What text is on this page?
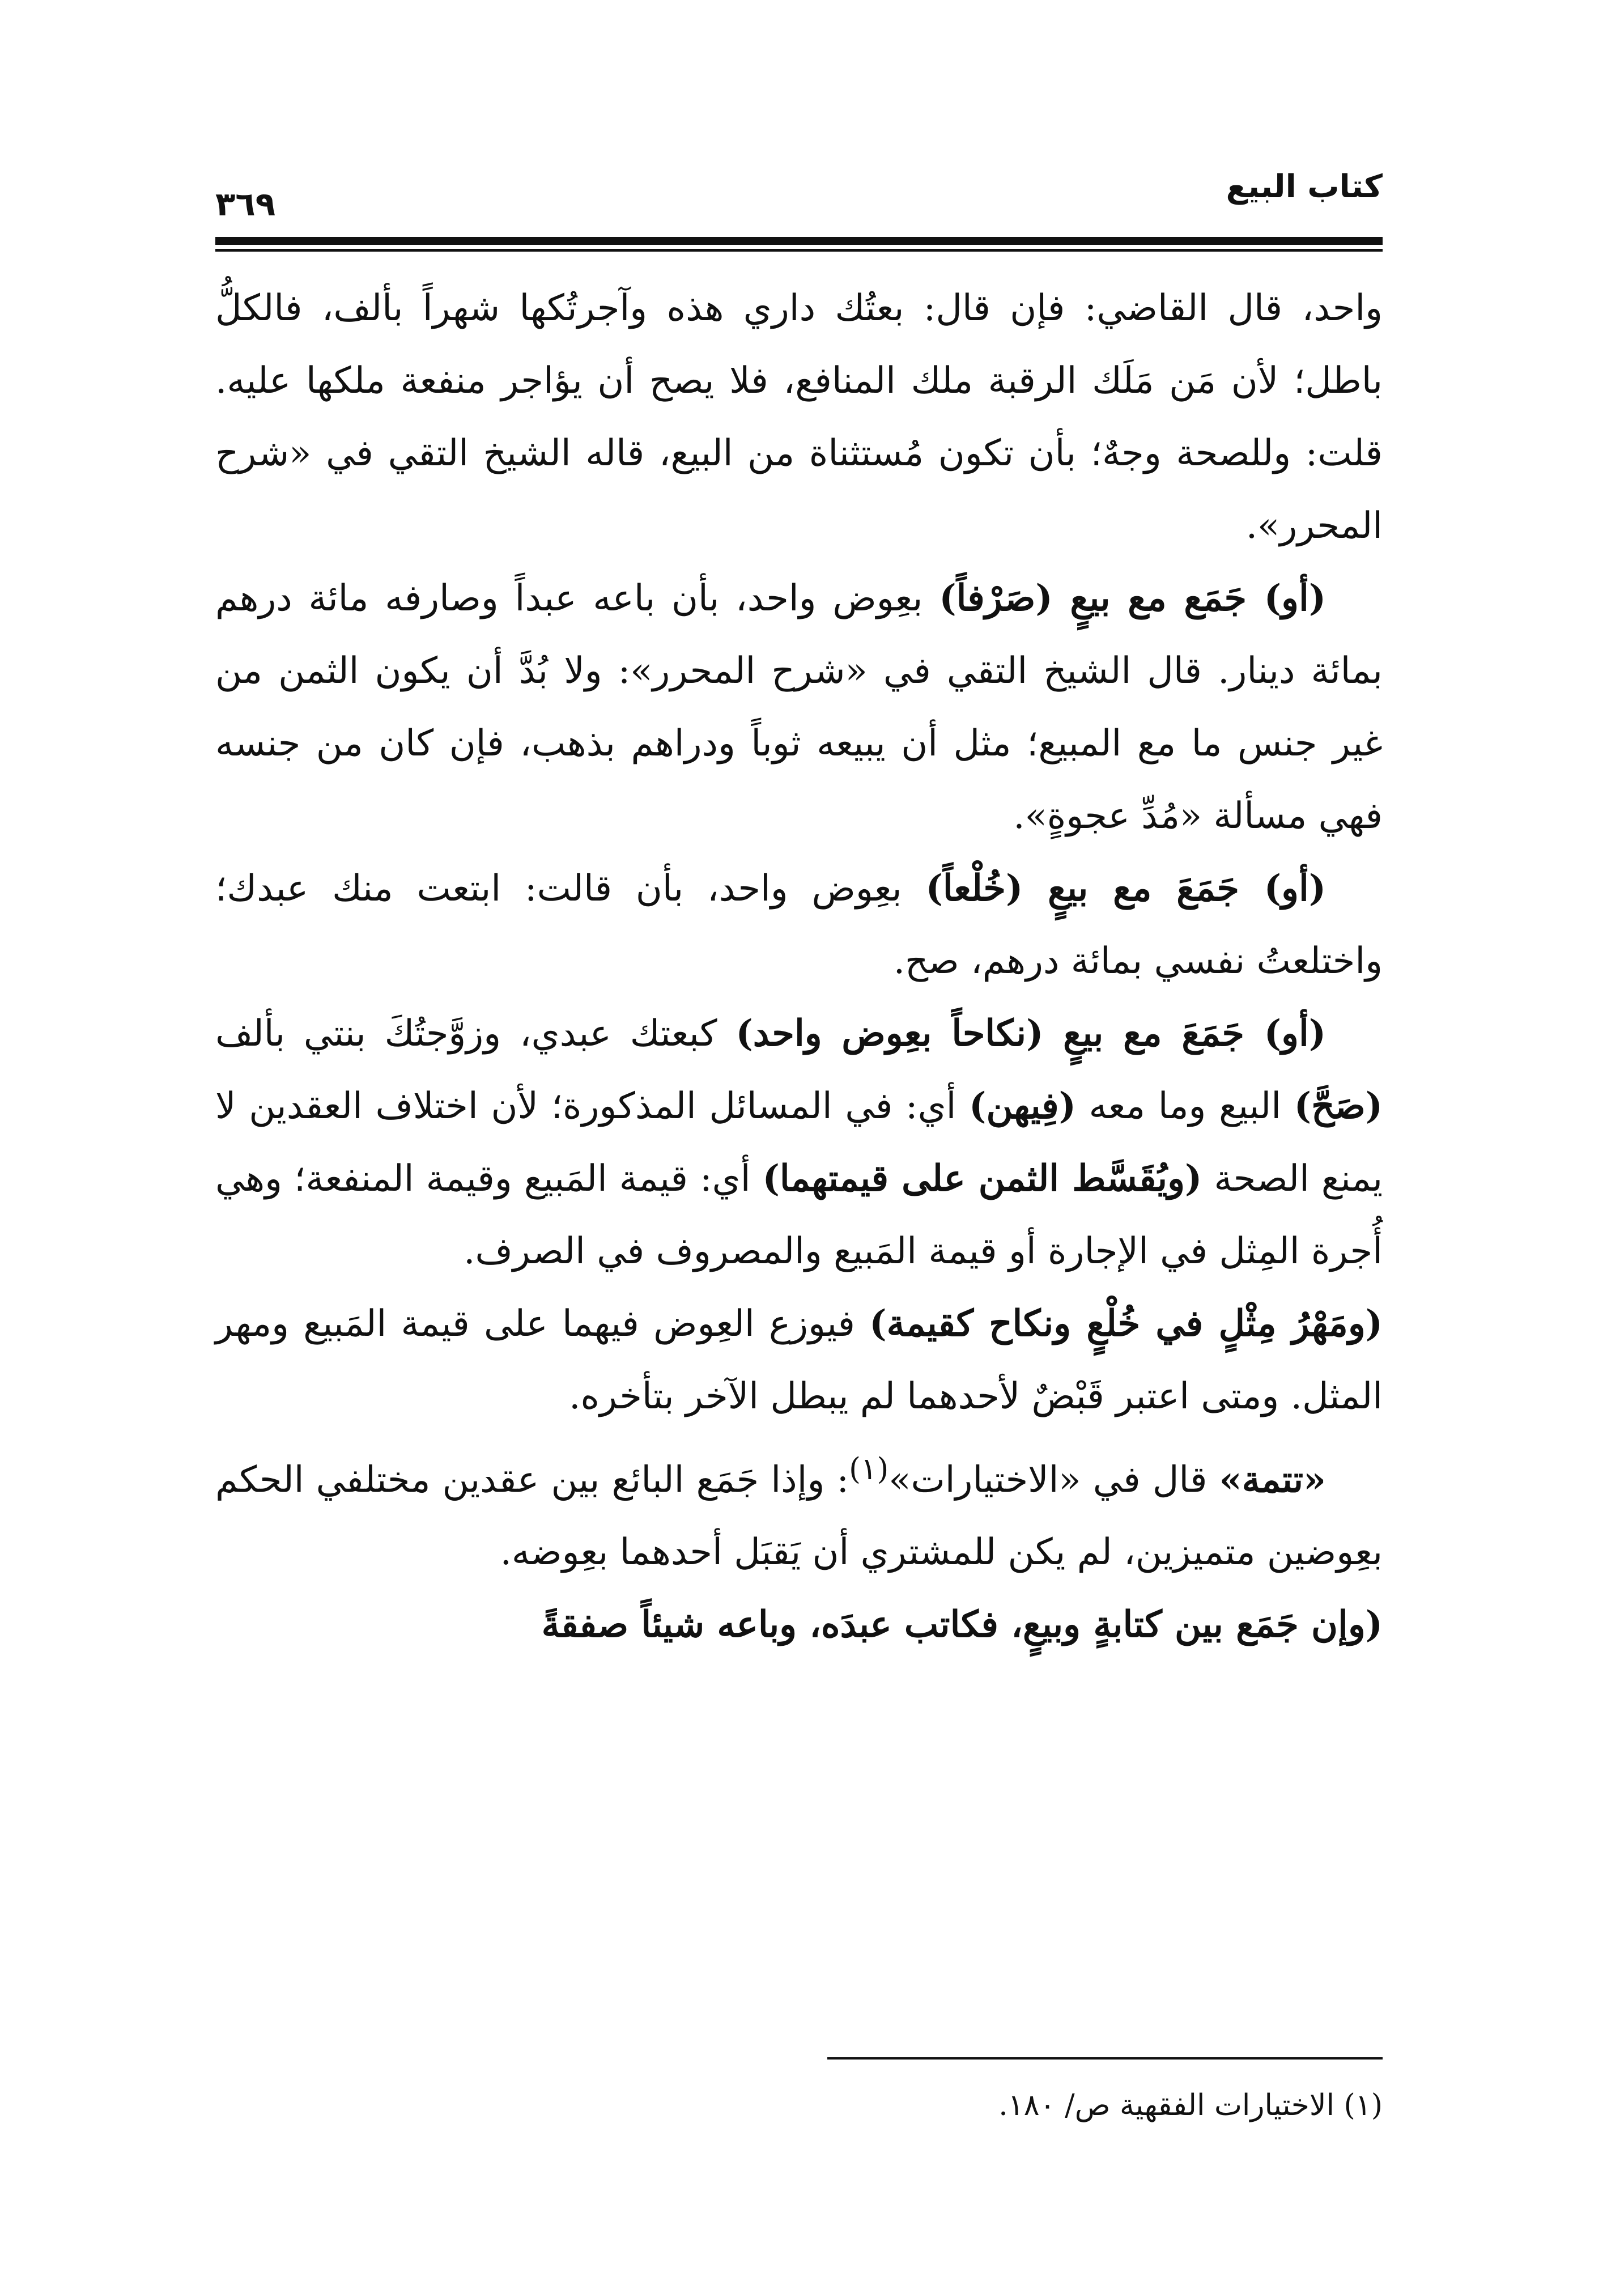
كتاب البيع
٣٦٩

واحد، قال القاضي: فإن قال: بعتُك داري هذه وآجرتُكها شهراً بألف، فالكلُّ باطل؛ لأن مَن مَلَك الرقبة ملك المنافع، فلا يصح أن يؤاجر منفعة ملكها عليه. قلت: وللصحة وجهٌ؛ بأن تكون مُستثناة من البيع، قاله الشيخ التقي في «شرح المحرر».

(أو) جَمَع مع بيعٍ (صَرْفاً) بعِوض واحد، بأن باعه عبداً وصارفه مائة درهم بمائة دينار. قال الشيخ التقي في «شرح المحرر»: ولا بُدَّ أن يكون الثمن من غير جنس ما مع المبيع؛ مثل أن يبيعه ثوباً ودراهم بذهب، فإن كان من جنسه فهي مسألة «مُدِّ عجوةٍ».

(أو) جَمَعَ مع بيعٍ (خُلْعاً) بعِوض واحد، بأن قالت: ابتعت منك عبدك؛ واختلعتُ نفسي بمائة درهم، صح.

(أو) جَمَعَ مع بيعٍ (نكاحاً بعِوض واحد) كبعتك عبدي، وزوَّجتُكَ بنتي بألف (صَحَّ) البيع وما معه (فِيهن) أي: في المسائل المذكورة؛ لأن اختلاف العقدين لا يمنع الصحة (ويُقَسَّط الثمن على قيمتهما) أي: قيمة المَبيع وقيمة المنفعة؛ وهي أُجرة المِثل في الإجارة أو قيمة المَبيع والمصروف في الصرف.

(ومَهْرُ مِثْلٍ في خُلْعٍ ونكاح كقيمة) فيوزع العِوض فيهما على قيمة المَبيع ومهر المثل. ومتى اعتبر قَبْضٌ لأحدهما لم يبطل الآخر بتأخره.

«تتمة» قال في «الاختيارات»$^{(١)}$: وإذا جَمَع البائع بين عقدين مختلفي الحكم بعِوضين متميزين، لم يكن للمشتري أن يَقبَل أحدهما بعِوضه.

(وإن جَمَع بين كتابةٍ وبيعٍ، فكاتب عبدَه، وباعه شيئاً صفقةً

(١) الاختيارات الفقهية ص/ ١٨٠.
